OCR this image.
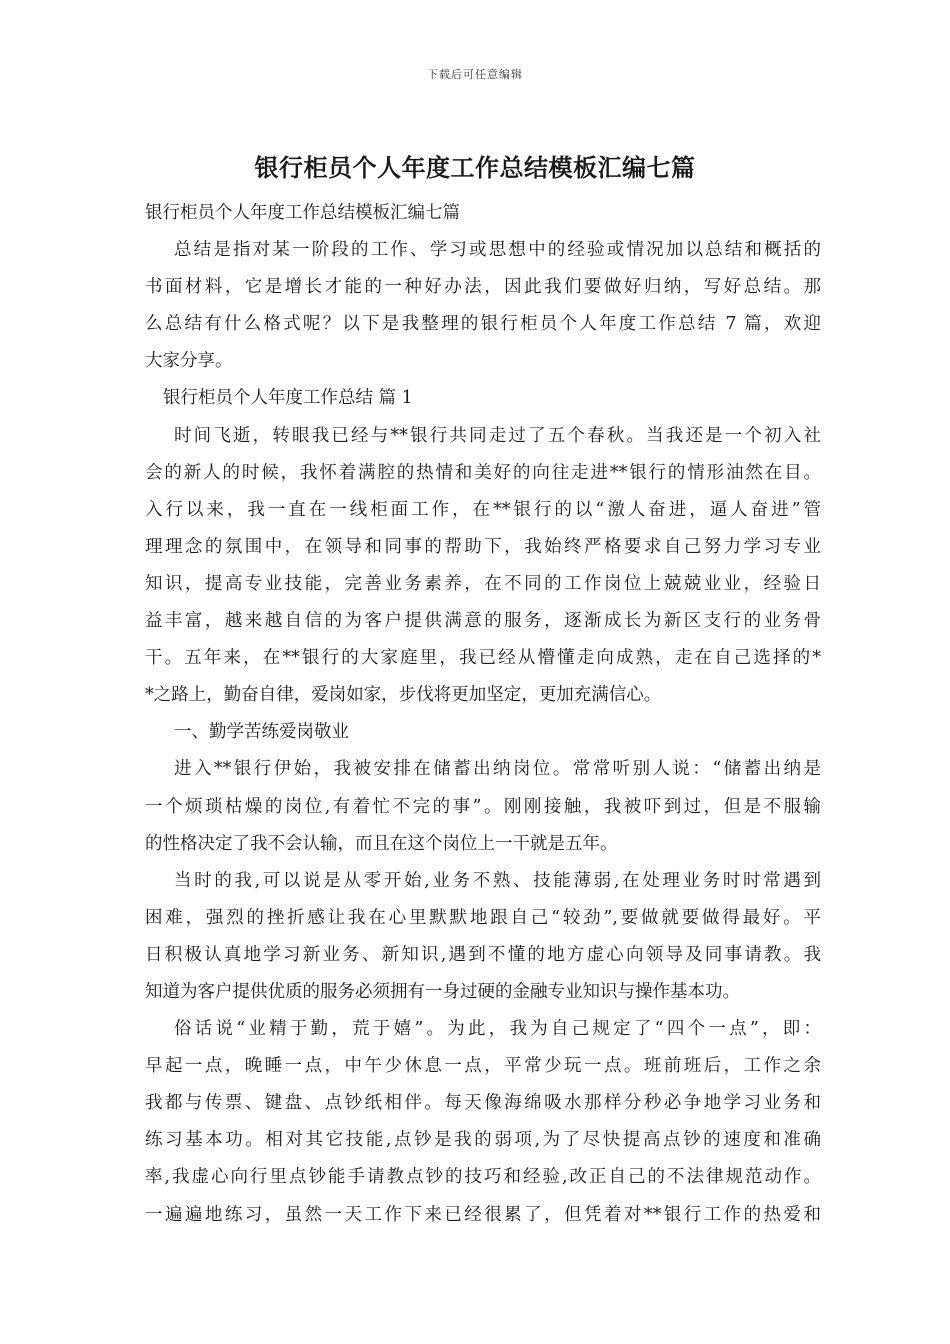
下载后可任意编辑
银行柜员个人年度工作总结模板汇编七篇
银行柜员个人年度工作总结模板汇编七篇
总结是指对某一阶段的工作、学习或思想中的经验或情况加以总结和概括的
书面材料，它是增长才能的一种好办法，因此我们要做好归纳，写好总结。那
么总结有什么格式呢？以下是我整理的银行柜员个人年度工作总结 7 篇，欢迎
大家分享。
银行柜员个人年度工作总结 篇 1
时间飞逝，转眼我已经与**银行共同走过了五个春秋。当我还是一个初入社
会的新人的时候，我怀着满腔的热情和美好的向往走进**银行的情形油然在目。
入行以来，我一直在一线柜面工作，在**银行的以“激人奋进，逼人奋进”管
理理念的氛围中，在领导和同事的帮助下，我始终严格要求自己努力学习专业
知识，提高专业技能，完善业务素养，在不同的工作岗位上兢兢业业，经验日
益丰富，越来越自信的为客户提供满意的服务，逐渐成长为新区支行的业务骨
干。五年来，在**银行的大家庭里，我已经从懵懂走向成熟，走在自己选择的*
*之路上，勤奋自律，爱岗如家，步伐将更加坚定，更加充满信心。
一、勤学苦练爱岗敬业
进入**银行伊始，我被安排在储蓄出纳岗位。常常听别人说：“储蓄出纳是
一个烦琐枯燥的岗位,有着忙不完的事”。刚刚接触，我被吓到过，但是不服输
的性格决定了我不会认输，而且在这个岗位上一干就是五年。
当时的我,可以说是从零开始,业务不熟、技能薄弱,在处理业务时时常遇到
困难，强烈的挫折感让我在心里默默地跟自己“较劲”,要做就要做得最好。平
日积极认真地学习新业务、新知识,遇到不懂的地方虚心向领导及同事请教。我
知道为客户提供优质的服务必须拥有一身过硬的金融专业知识与操作基本功。
俗话说“业精于勤，荒于嬉”。为此，我为自己规定了“四个一点”，即：
早起一点，晚睡一点，中午少休息一点，平常少玩一点。班前班后，工作之余
我都与传票、键盘、点钞纸相伴。每天像海绵吸水那样分秒必争地学习业务和
练习基本功。相对其它技能,点钞是我的弱项,为了尽快提高点钞的速度和准确
率,我虚心向行里点钞能手请教点钞的技巧和经验,改正自己的不法律规范动作。
一遍遍地练习，虽然一天工作下来已经很累了，但凭着对**银行工作的热爱和
